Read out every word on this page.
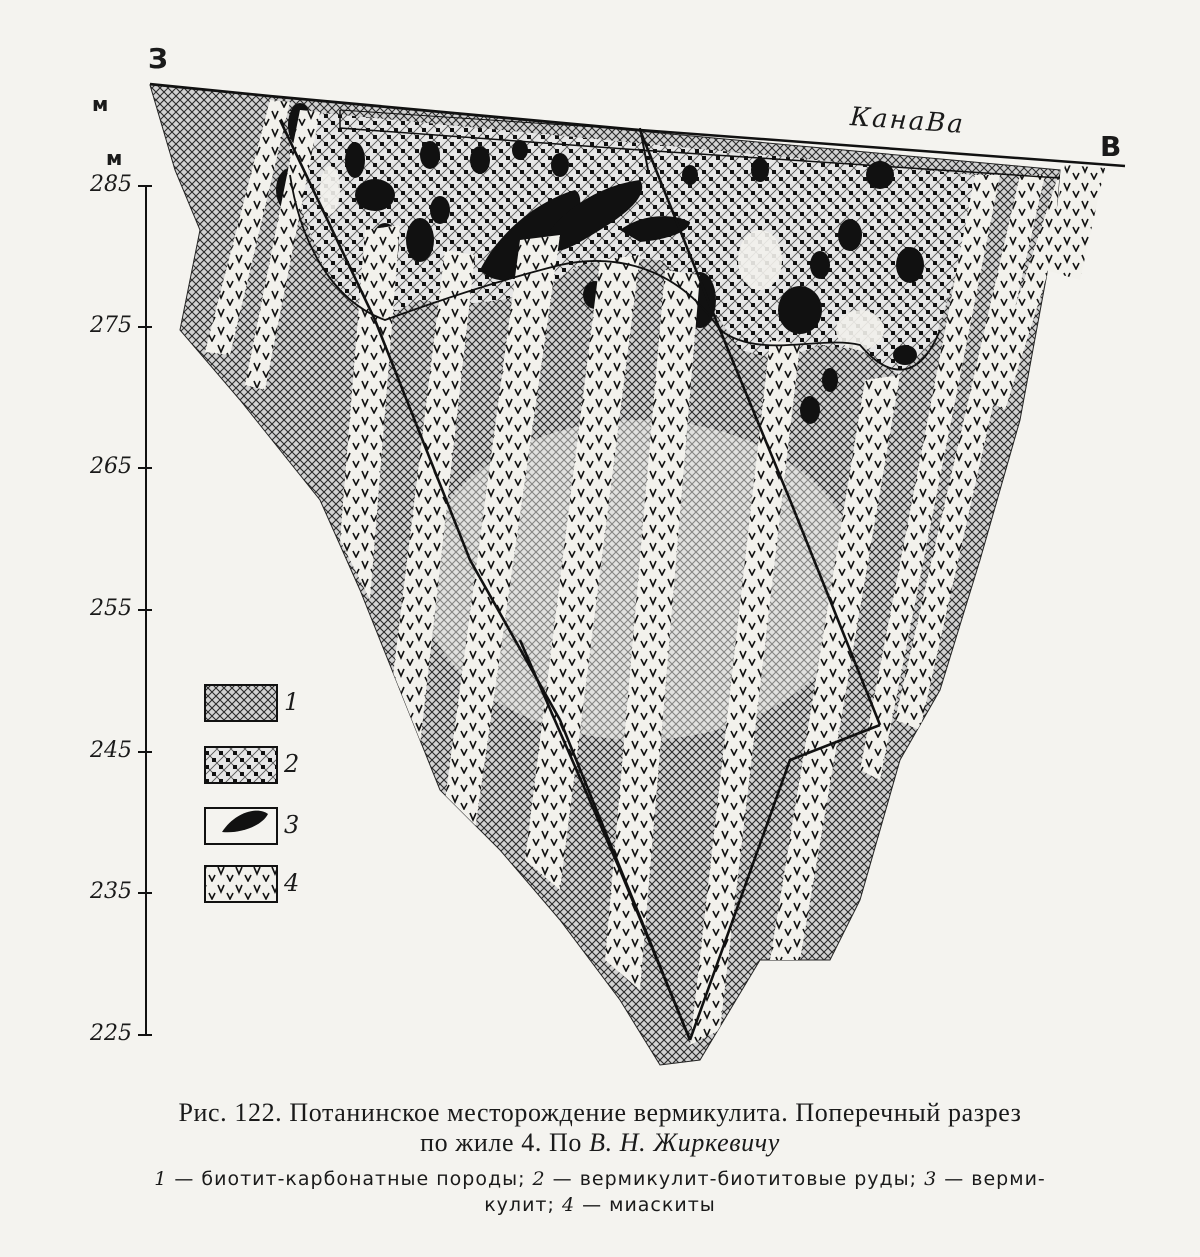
З
В
м
м
КанаВа
285
275
265
255
245
235
225
1
2
3
4
Рис. 122. Потанинское месторождение вермикулита. Поперечный разрез
по жиле 4. По В. Н. Жиркевичу
1 — биотит-карбонатные породы; 2 — вермикулит-биотитовые руды; 3 — верми-
кулит; 4 — миаскиты
